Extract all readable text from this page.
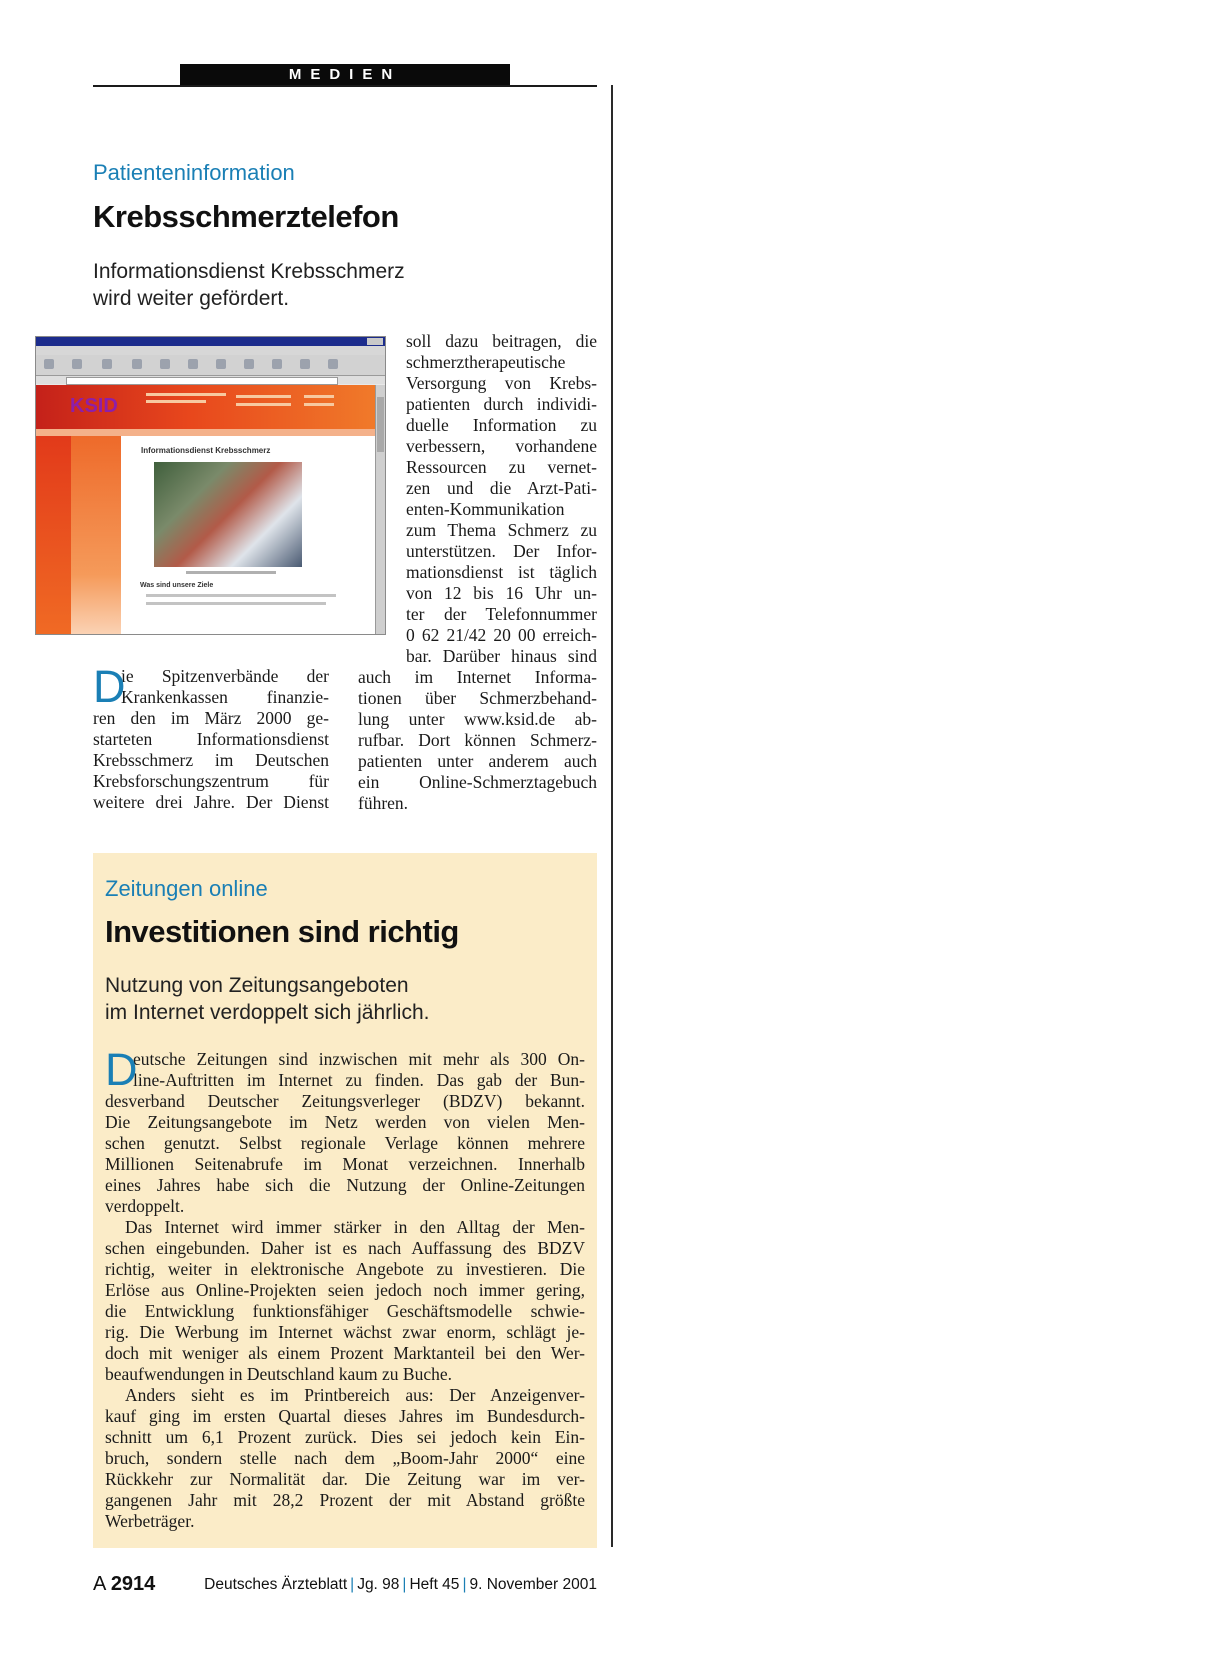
MEDIEN
Patienteninformation
Krebsschmerztelefon
Informationsdienst Krebsschmerz
wird weiter gefördert.
KSID
Informationsdienst Krebsschmerz
Was sind unsere Ziele
D
ie Spitzenverbände der
Krankenkassen finanzie-
ren den im März 2000 ge-
starteten Informationsdienst
Krebsschmerz im Deutschen
Krebsforschungszentrum für
weitere drei Jahre. Der Dienst
soll dazu beitragen, die
schmerztherapeutische
Versorgung von Krebs-
patienten durch individi-
duelle Information zu
verbessern, vorhandene
Ressourcen zu vernet-
zen und die Arzt-Pati-
enten-Kommunikation
zum Thema Schmerz zu
unterstützen. Der Infor-
mationsdienst ist täglich
von 12 bis 16 Uhr un-
ter der Telefonnummer
0 62 21/42 20 00 erreich-
bar. Darüber hinaus sind
auch im Internet Informa-
tionen über Schmerzbehand-
lung unter www.ksid.de ab-
rufbar. Dort können Schmerz-
patienten unter anderem auch
ein Online-Schmerztagebuch
führen.
Zeitungen online
Investitionen sind richtig
Nutzung von Zeitungsangeboten
im Internet verdoppelt sich jährlich.
D
eutsche Zeitungen sind inzwischen mit mehr als 300 On-
line-Auftritten im Internet zu finden. Das gab der Bun-
desverband Deutscher Zeitungsverleger (BDZV) bekannt.
Die Zeitungsangebote im Netz werden von vielen Men-
schen genutzt. Selbst regionale Verlage können mehrere
Millionen Seitenabrufe im Monat verzeichnen. Innerhalb
eines Jahres habe sich die Nutzung der Online-Zeitungen
verdoppelt.
Das Internet wird immer stärker in den Alltag der Men-
schen eingebunden. Daher ist es nach Auffassung des BDZV
richtig, weiter in elektronische Angebote zu investieren. Die
Erlöse aus Online-Projekten seien jedoch noch immer gering,
die Entwicklung funktionsfähiger Geschäftsmodelle schwie-
rig. Die Werbung im Internet wächst zwar enorm, schlägt je-
doch mit weniger als einem Prozent Marktanteil bei den Wer-
beaufwendungen in Deutschland kaum zu Buche.
Anders sieht es im Printbereich aus: Der Anzeigenver-
kauf ging im ersten Quartal dieses Jahres im Bundesdurch-
schnitt um 6,1 Prozent zurück. Dies sei jedoch kein Ein-
bruch, sondern stelle nach dem „Boom-Jahr 2000“ eine
Rückkehr zur Normalität dar. Die Zeitung war im ver-
gangenen Jahr mit 28,2 Prozent der mit Abstand größte
Werbeträger.
A 2914	Deutsches Ärzteblatt | Jg. 98 | Heft 45 | 9. November 2001
